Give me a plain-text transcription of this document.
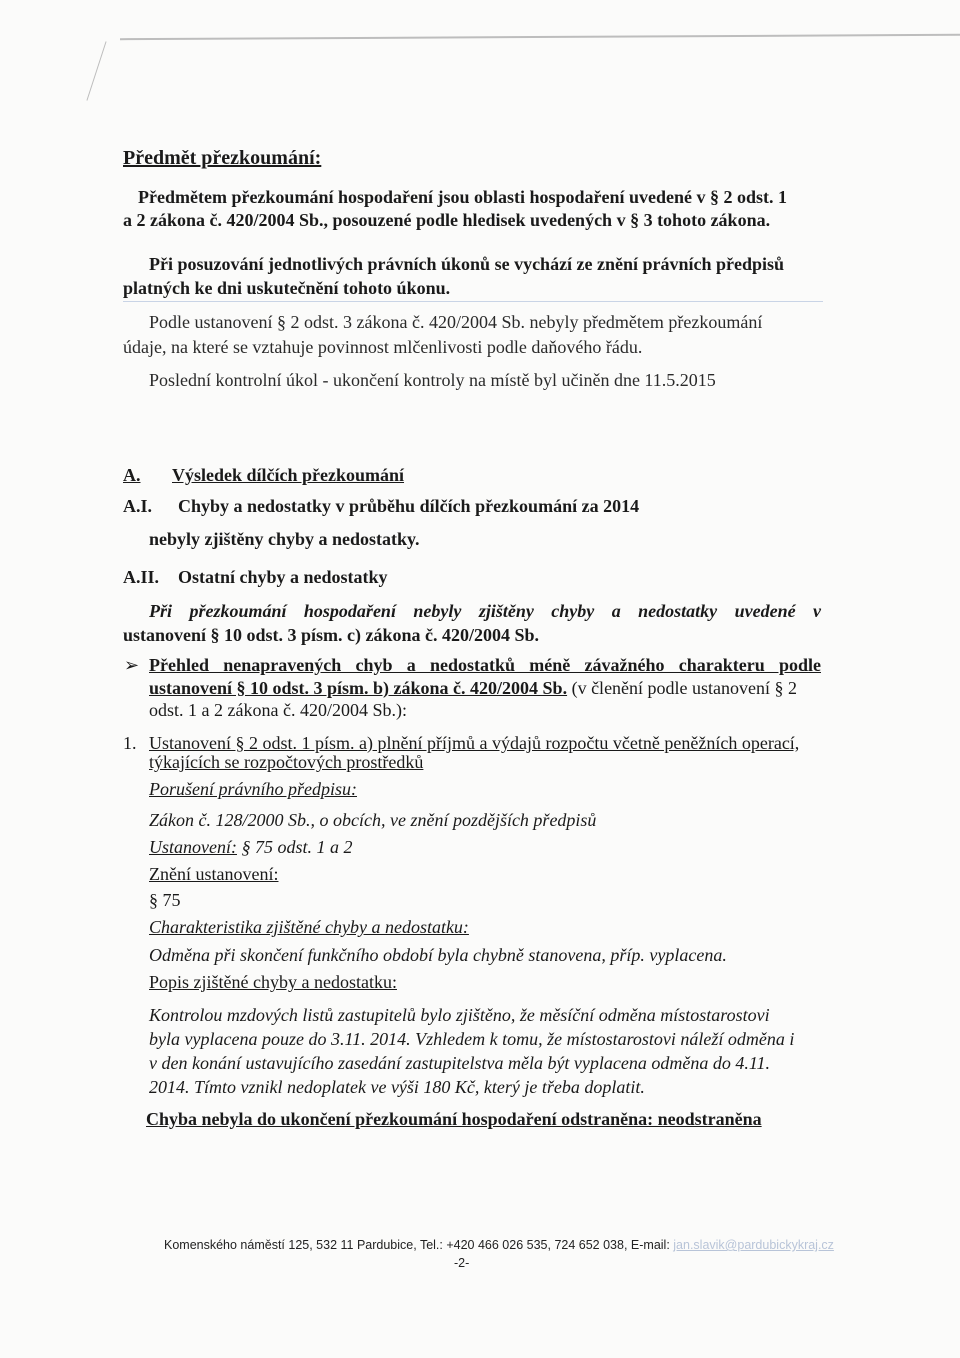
Předmět přezkoumání:
Předmětem přezkoumání hospodaření jsou oblasti hospodaření uvedené v § 2 odst. 1
a 2 zákona č. 420/2004 Sb., posouzené podle hledisek uvedených v § 3 tohoto zákona.
Při posuzování jednotlivých právních úkonů se vychází ze znění právních předpisů
platných ke dni uskutečnění tohoto úkonu.
Podle ustanovení § 2 odst. 3 zákona č. 420/2004 Sb. nebyly předmětem přezkoumání
údaje, na které se vztahuje povinnost mlčenlivosti podle daňového řádu.
Poslední kontrolní úkol - ukončení kontroly na místě byl učiněn dne 11.5.2015
A. Výsledek dílčích přezkoumání
A.I. Chyby a nedostatky v průběhu dílčích přezkoumání za 2014
nebyly zjištěny chyby a nedostatky.
A.II. Ostatní chyby a nedostatky
Při přezkoumání hospodaření nebyly zjištěny chyby a nedostatky uvedené v
ustanovení § 10 odst. 3 písm. c) zákona č. 420/2004 Sb.
➢ Přehled nenapravených chyb a nedostatků méně závažného charakteru podle
ustanovení § 10 odst. 3 písm. b) zákona č. 420/2004 Sb. (v členění podle ustanovení § 2
odst. 1 a 2 zákona č. 420/2004 Sb.):
1. Ustanovení § 2 odst. 1 písm. a) plnění příjmů a výdajů rozpočtu včetně peněžních operací,
týkajících se rozpočtových prostředků
Porušení právního předpisu:
Zákon č. 128/2000 Sb., o obcích, ve znění pozdějších předpisů
Ustanovení: § 75 odst. 1 a 2
Znění ustanovení:
§ 75
Charakteristika zjištěné chyby a nedostatku:
Odměna při skončení funkčního období byla chybně stanovena, příp. vyplacena.
Popis zjištěné chyby a nedostatku:
Kontrolou mzdových listů zastupitelů bylo zjištěno, že měsíční odměna místostarostovi
byla vyplacena pouze do 3.11. 2014. Vzhledem k tomu, že místostarostovi náleží odměna i
v den konání ustavujícího zasedání zastupitelstva měla být vyplacena odměna do 4.11.
2014. Tímto vznikl nedoplatek ve výši 180 Kč, který je třeba doplatit.
Chyba nebyla do ukončení přezkoumání hospodaření odstraněna: neodstraněna
Komenského náměstí 125, 532 11 Pardubice, Tel.: +420 466 026 535, 724 652 038, E-mail: jan.slavik@pardubickykraj.cz
-2-
